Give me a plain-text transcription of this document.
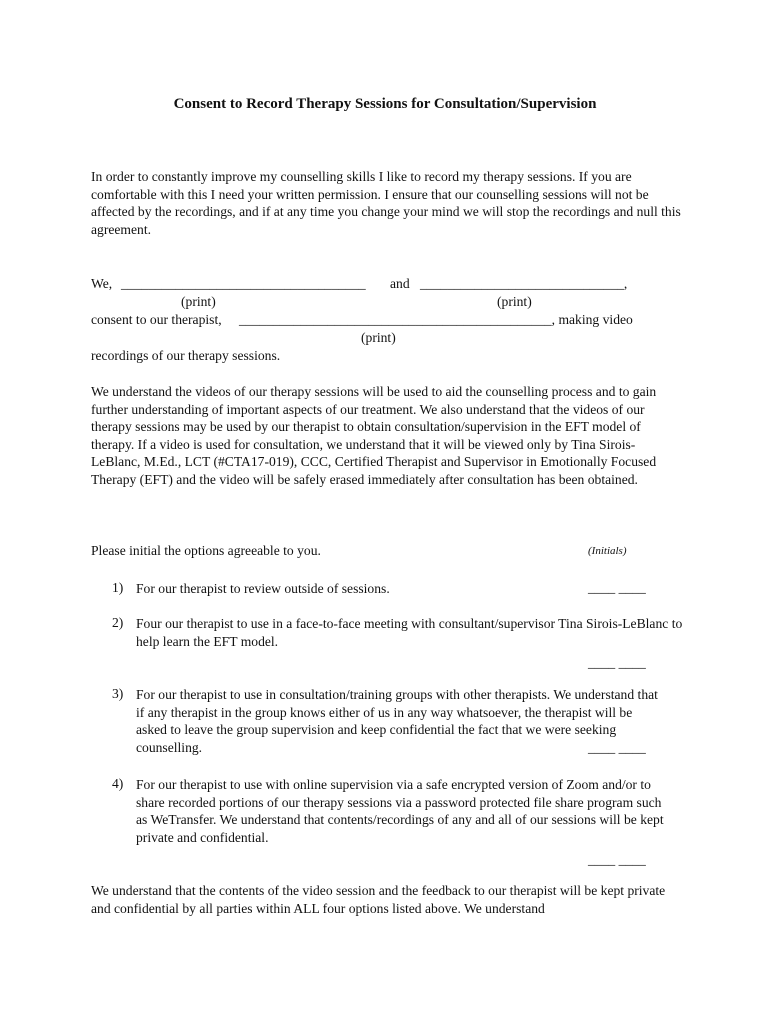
Consent to Record Therapy Sessions for Consultation/Supervision
In order to constantly improve my counselling skills I like to record my therapy sessions. If you are comfortable with this I need your written permission. I ensure that our counselling sessions will not be affected by the recordings, and if at any time you change your mind we will stop the recordings and null this agreement.
We, ____________________________________ and ______________________________,
(print)	(print)
consent to our therapist, ______________________________________________, making video
(print)
recordings of our therapy sessions.
We understand the videos of our therapy sessions will be used to aid the counselling process and to gain further understanding of important aspects of our treatment. We also understand that the videos of our therapy sessions may be used by our therapist to obtain consultation/supervision in the EFT model of therapy. If a video is used for consultation, we understand that it will be viewed only by Tina Sirois-LeBlanc, M.Ed., LCT (#CTA17-019), CCC, Certified Therapist and Supervisor in Emotionally Focused Therapy (EFT) and the video will be safely erased immediately after consultation has been obtained.
Please initial the options agreeable to you.	(Initials)
1) For our therapist to review outside of sessions.	____ ____
2) Four our therapist to use in a face-to-face meeting with consultant/supervisor Tina Sirois-LeBlanc to help learn the EFT model.
____ ____
3) For our therapist to use in consultation/training groups with other therapists. We understand that if any therapist in the group knows either of us in any way whatsoever, the therapist will be asked to leave the group supervision and keep confidential the fact that we were seeking counselling.	____ ____
4) For our therapist to use with online supervision via a safe encrypted version of Zoom and/or to share recorded portions of our therapy sessions via a password protected file share program such as WeTransfer. We understand that contents/recordings of any and all of our sessions will be kept private and confidential.
____ ____
We understand that the contents of the video session and the feedback to our therapist will be kept private and confidential by all parties within ALL four options listed above. We understand
